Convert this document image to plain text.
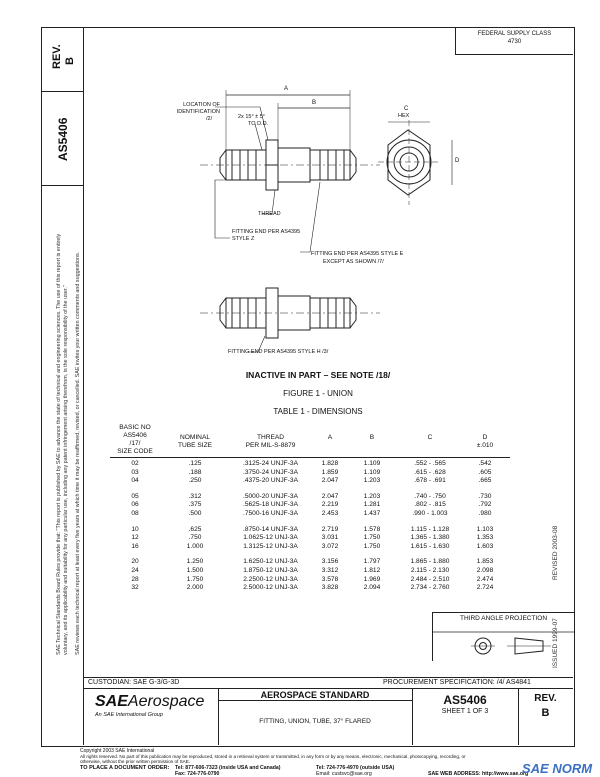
REV. B
AS5406
SAE Technical Standards Board Rules provide that: "This report is published by SAE to advance the state of technical and engineering sciences. The use of this report is entirely voluntary, and its applicability and suitability for any particular use, including any patent infringement arising therefrom, is the sole responsibility of the user." SAE reviews each technical report at least every five years at which time it may be reaffirmed, revised, or cancelled. SAE invites your written comments and suggestions.
FEDERAL SUPPLY CLASS
4730
LOCATION OF IDENTIFICATION
/2/	2x 15° ± 5°
TO D.D.
A
B
C
HEX
D
THREAD
FITTING END PER AS4395
STYLE Z
FITTING END PER AS4395 STYLE E
EXCEPT AS SHOWN /7/
FITTING END PER AS4395 STYLE H /3/
INACTIVE IN PART – SEE NOTE /18/
FIGURE 1 - UNION
TABLE 1 - DIMENSIONS
BASIC NO
AS5406
/17/
SIZE CODE
NOMINAL
TUBE SIZE
THREAD
PER MIL-S-8879
A	B	C	D
±.010
02	.125	.3125-24 UNJF-3A	1.828	1.109	.552 - .565	.542
03	.188	.3750-24 UNJF-3A	1.859	1.109	.615 - .628	.605
04	.250	.4375-20 UNJF-3A	2.047	1.203	.678 - .691	.665
05	.312	.5000-20 UNJF-3A	2.047	1.203	.740 - .750	.730
06	.375	.5625-18 UNJF-3A	2.219	1.281	.802 - .815	.792
08	.500	.7500-16 UNJF-3A	2.453	1.437	.990 - 1.003	.980
10	.625	.8750-14 UNJF-3A	2.719	1.578	1.115 - 1.128	1.103
12	.750	1.0625-12 UNJ-3A	3.031	1.750	1.365 - 1.380	1.353
16	1.000	1.3125-12 UNJ-3A	3.072	1.750	1.615 - 1.630	1.603
20	1.250	1.6250-12 UNJ-3A	3.156	1.797	1.865 - 1.880	1.853
24	1.500	1.8750-12 UNJ-3A	3.312	1.812	2.115 - 2.130	2.098
28	1.750	2.2500-12 UNJ-3A	3.578	1.969	2.484 - 2.510	2.474
32	2.000	2.5000-12 UNJ-3A	3.828	2.094	2.734 - 2.760	2.724
REVISED 2003-08
ISSUED 1999-07
THIRD ANGLE PROJECTION
CUSTODIAN: SAE G-3/G-3D	PROCUREMENT SPECIFICATION: /4/ AS4841
SAEAerospace
An SAE International Group
AEROSPACE STANDARD
FITTING, UNION, TUBE, 37° FLARED
AS5406
SHEET 1 OF 3
REV.
B
Copyright 2003 SAE International
All rights reserved. No part of this publication may be reproduced, stored in a retrieval system or transmitted, in any form or by any means, electronic, mechanical, photocopying, recording, or
otherwise, without the prior written permission of SAE.
TO PLACE A DOCUMENT ORDER: Tel: 877-606-7323 (inside USA and Canada)
Fax: 724-776-0790
Tel: 724-776-4970 (outside USA)
Email: custsvc@sae.org	SAE WEB ADDRESS: http://www.sae.org
SAE NORM
